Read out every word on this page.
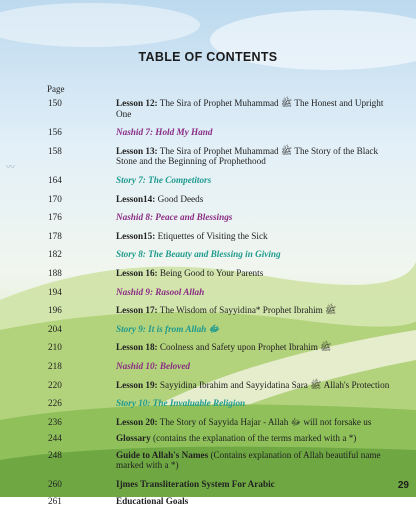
〰
TABLE OF CONTENTS
Page
150	Lesson 12: The Sira of Prophet Muhammad ﷺ The Honest and Upright One
156	Nashid 7: Hold My Hand
158	Lesson 13: The Sira of Prophet Muhammad ﷺ The Story of the Black Stone and the Beginning of Prophethood
164	Story 7: The Competitors
170	Lesson14: Good Deeds
176	Nashid 8: Peace and Blessings
178	Lesson15: Etiquettes of Visiting the Sick
182	Story 8: The Beauty and Blessing in Giving
188	Lesson 16: Being Good to Your Parents
194	Nashid 9: Rasool Allah
196	Lesson 17: The Wisdom of Sayyidina* Prophet Ibrahim ﷺ
204	Story 9: It is from Allah ﷻ
210	Lesson 18: Coolness and Safety upon Prophet Ibrahim ﷺ
218	Nashid 10: Beloved
220	Lesson 19: Sayyidina Ibrahim and Sayyidatina Sara ﷺ Allah's Protection
226	Story 10: The Invaluable Religion
236	Lesson 20: The Story of Sayyida Hajar - Allah ﷻ will not forsake us
244	Glossary (contains the explanation of the terms marked with a *)
248	Guide to Allah's Names (Contains explanation of Allah beautiful name marked with a *)
260	Ijmes Transliteration System For Arabic
261	Educational Goals
29
